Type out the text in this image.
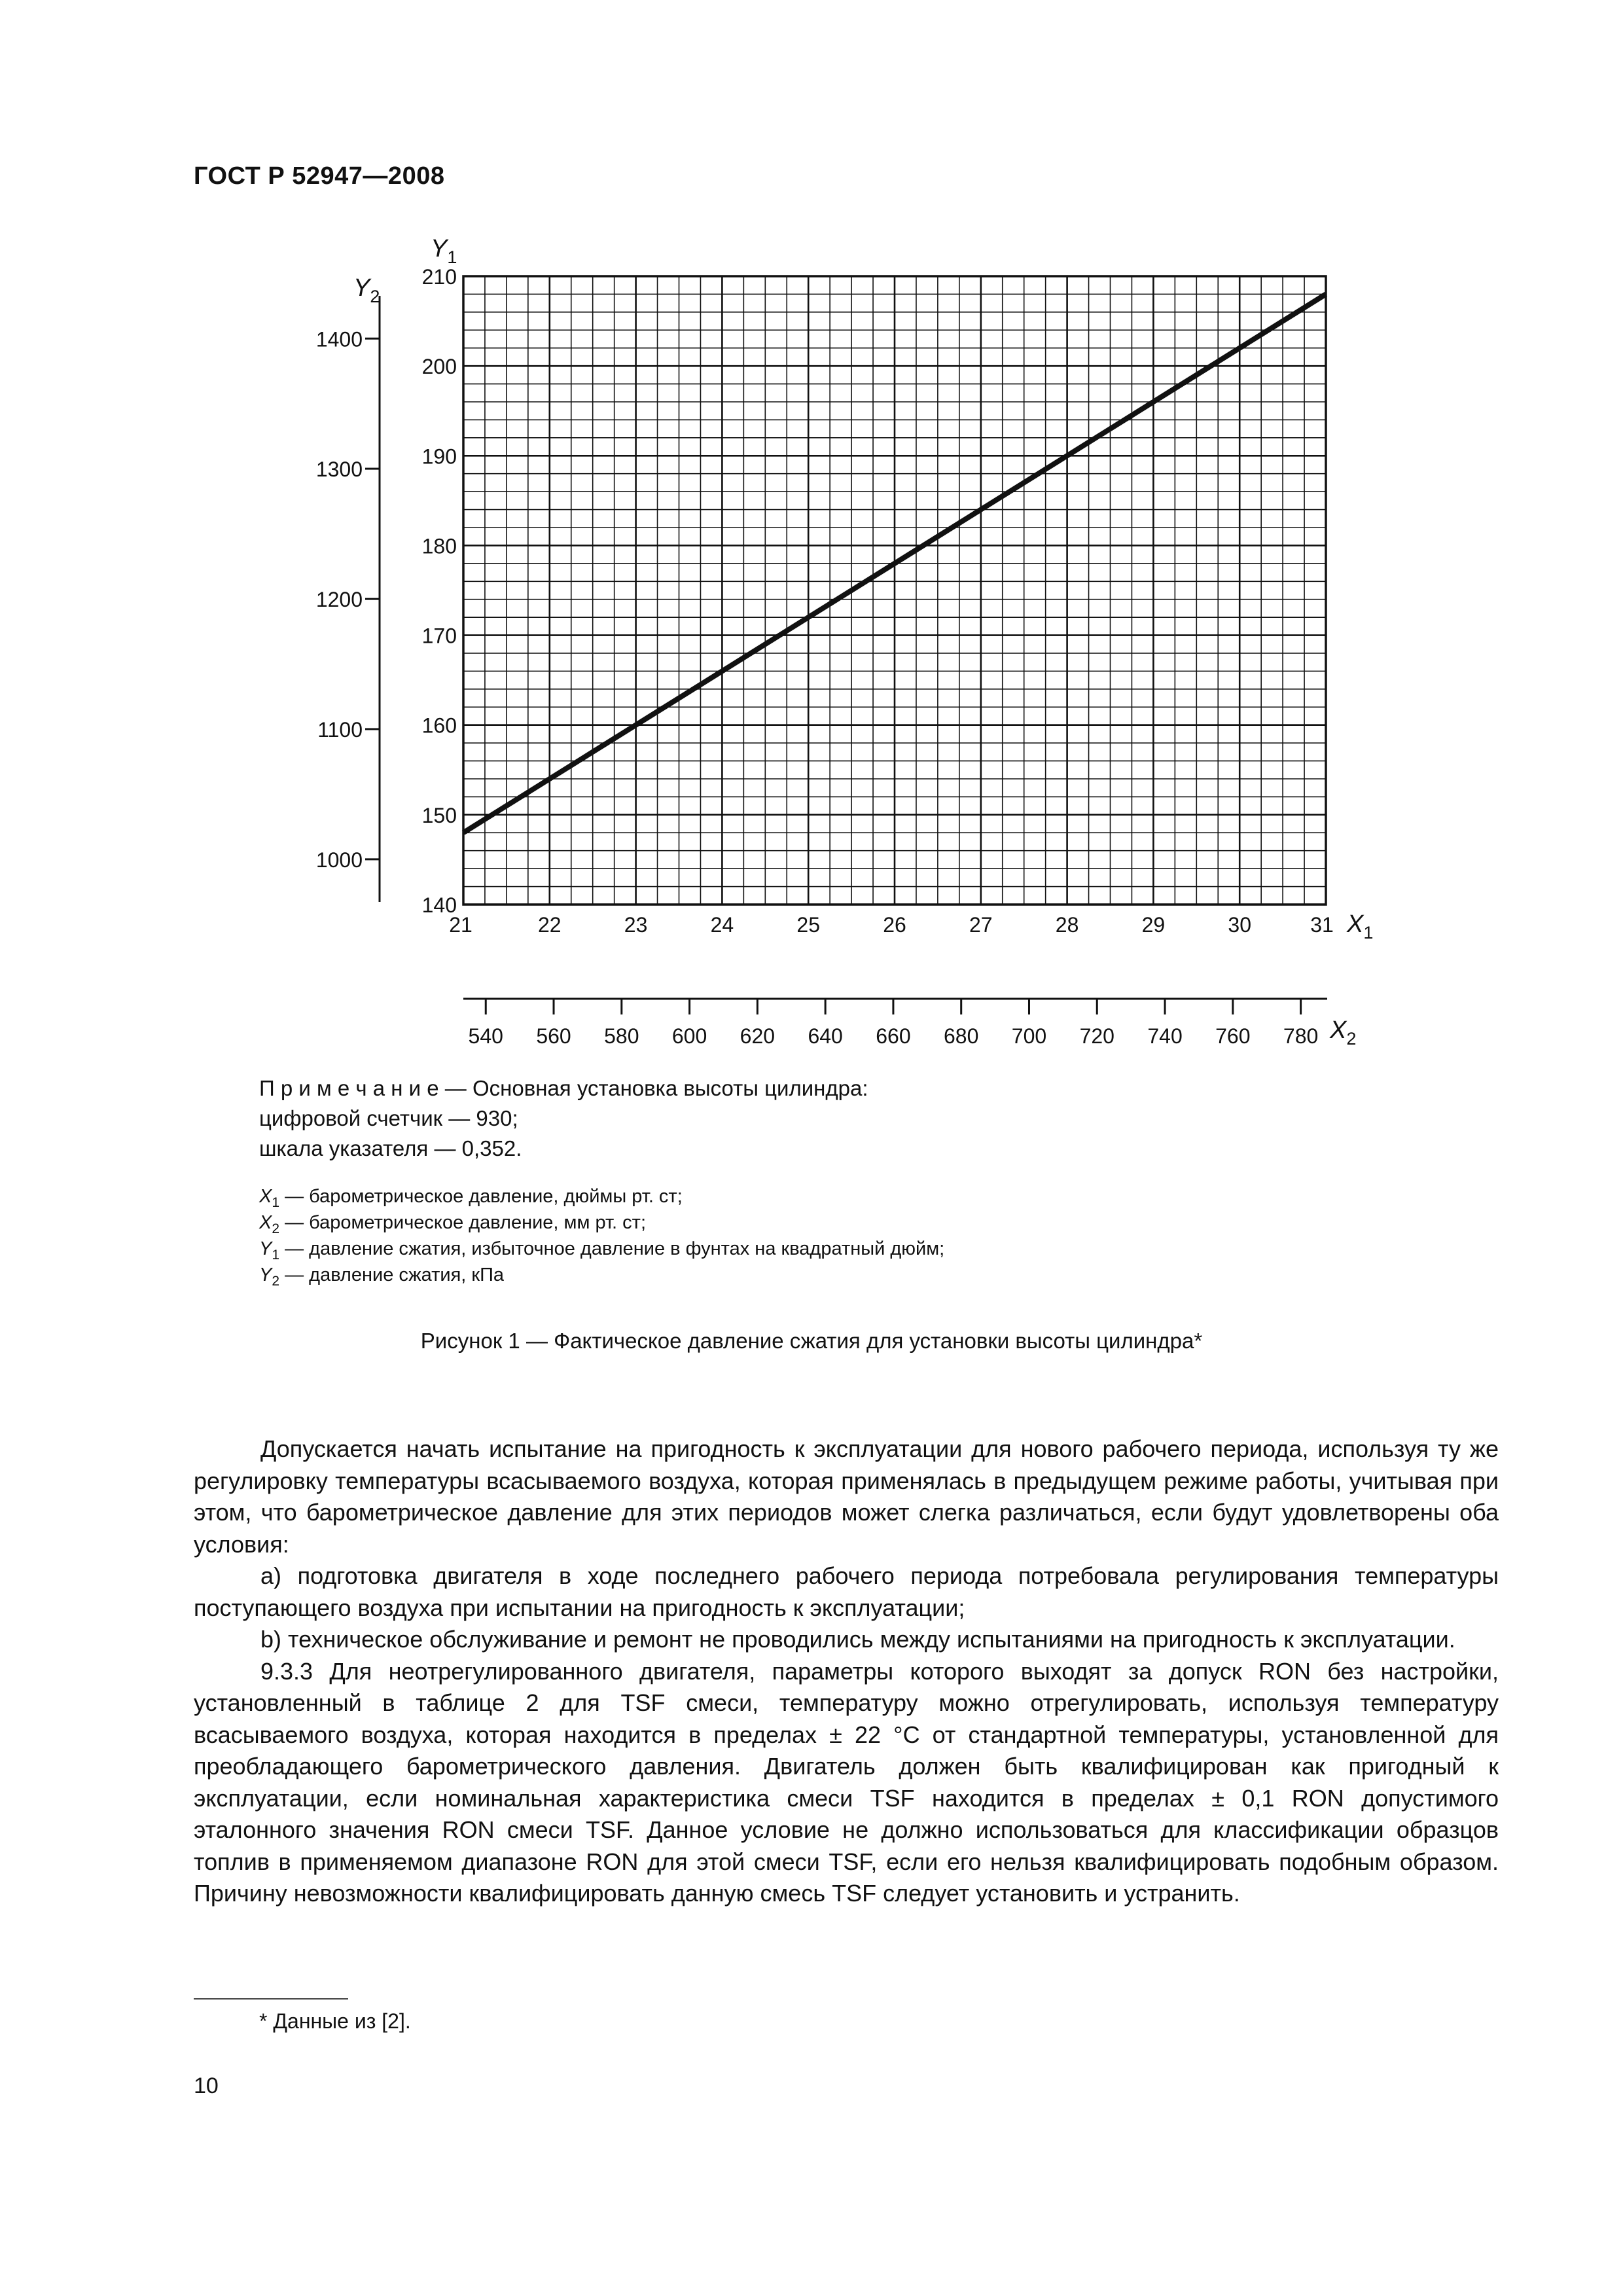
ГОСТ Р 52947—2008
140
150
160
170
180
190
200
210
1000
1100
1200
1300
1400
21	22	23	24	25	26	27	28	29	30	31
540 560 580 600 620 640 660 680 700 720 740 760 780
$Y_1$
$Y_2$
$X_1$
$X_2$
П р и м е ч а н и е — Основная установка высоты цилиндра:
цифровой счетчик — 930;
шкала указателя — 0,352.
$X_1$ — барометрическое давление, дюймы рт. ст;
$X_2$ — барометрическое давление, мм рт. ст;
$Y_1$ — давление сжатия, избыточное давление в фунтах на квадратный дюйм;
$Y_2$ — давление сжатия, кПа
Рисунок 1 — Фактическое давление сжатия для установки высоты цилиндра*

Допускается начать испытание на пригодность к эксплуатации для нового рабочего периода, используя ту же регулировку температуры всасываемого воздуха, которая применялась в предыдущем режиме работы, учитывая при этом, что барометрическое давление для этих периодов может слегка различаться, если будут удовлетворены оба условия:

a) подготовка двигателя в ходе последнего рабочего периода потребовала регулирования температуры поступающего воздуха при испытании на пригодность к эксплуатации;

b) техническое обслуживание и ремонт не проводились между испытаниями на пригодность к эксплуатации.

9.3.3 Для неотрегулированного двигателя, параметры которого выходят за допуск RON без настройки, установленный в таблице 2 для TSF смеси, температуру можно отрегулировать, используя температуру всасываемого воздуха, которая находится в пределах ± 22 °C от стандартной температуры, установленной для преобладающего барометрического давления. Двигатель должен быть квалифицирован как пригодный к эксплуатации, если номинальная характеристика смеси TSF находится в пределах ± 0,1 RON допустимого эталонного значения RON смеси TSF. Данное условие не должно использоваться для классификации образцов топлив в применяемом диапазоне RON для этой смеси TSF, если его нельзя квалифицировать подобным образом. Причину невозможности квалифицировать данную смесь TSF следует установить и устранить.

* Данные из [2].
10
